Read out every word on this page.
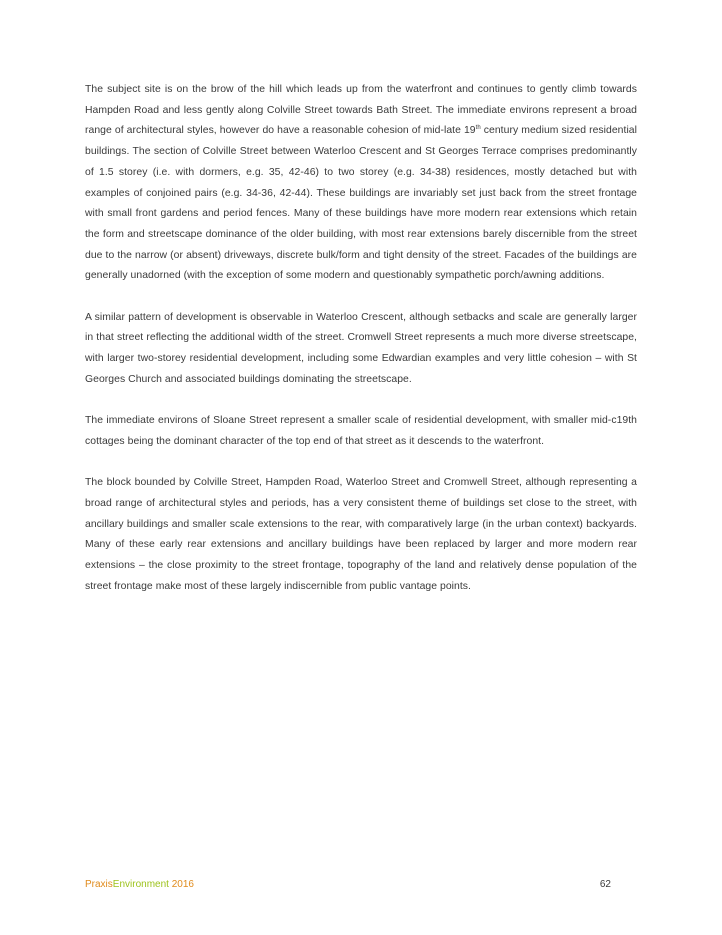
The subject site is on the brow of the hill which leads up from the waterfront and continues to gently climb towards Hampden Road and less gently along Colville Street towards Bath Street. The immediate environs represent a broad range of architectural styles, however do have a reasonable cohesion of mid-late 19th century medium sized residential buildings. The section of Colville Street between Waterloo Crescent and St Georges Terrace comprises predominantly of 1.5 storey (i.e. with dormers, e.g. 35, 42-46) to two storey (e.g. 34-38) residences, mostly detached but with examples of conjoined pairs (e.g. 34-36, 42-44). These buildings are invariably set just back from the street frontage with small front gardens and period fences. Many of these buildings have more modern rear extensions which retain the form and streetscape dominance of the older building, with most rear extensions barely discernible from the street due to the narrow (or absent) driveways, discrete bulk/form and tight density of the street. Facades of the buildings are generally unadorned (with the exception of some modern and questionably sympathetic porch/awning additions.

A similar pattern of development is observable in Waterloo Crescent, although setbacks and scale are generally larger in that street reflecting the additional width of the street. Cromwell Street represents a much more diverse streetscape, with larger two-storey residential development, including some Edwardian examples and very little cohesion – with St Georges Church and associated buildings dominating the streetscape.

The immediate environs of Sloane Street represent a smaller scale of residential development, with smaller mid-c19th cottages being the dominant character of the top end of that street as it descends to the waterfront.

The block bounded by Colville Street, Hampden Road, Waterloo Street and Cromwell Street, although representing a broad range of architectural styles and periods, has a very consistent theme of buildings set close to the street, with ancillary buildings and smaller scale extensions to the rear, with comparatively large (in the urban context) backyards. Many of these early rear extensions and ancillary buildings have been replaced by larger and more modern rear extensions – the close proximity to the street frontage, topography of the land and relatively dense population of the street frontage make most of these largely indiscernible from public vantage points.

PraxisEnvironment 2016	62
